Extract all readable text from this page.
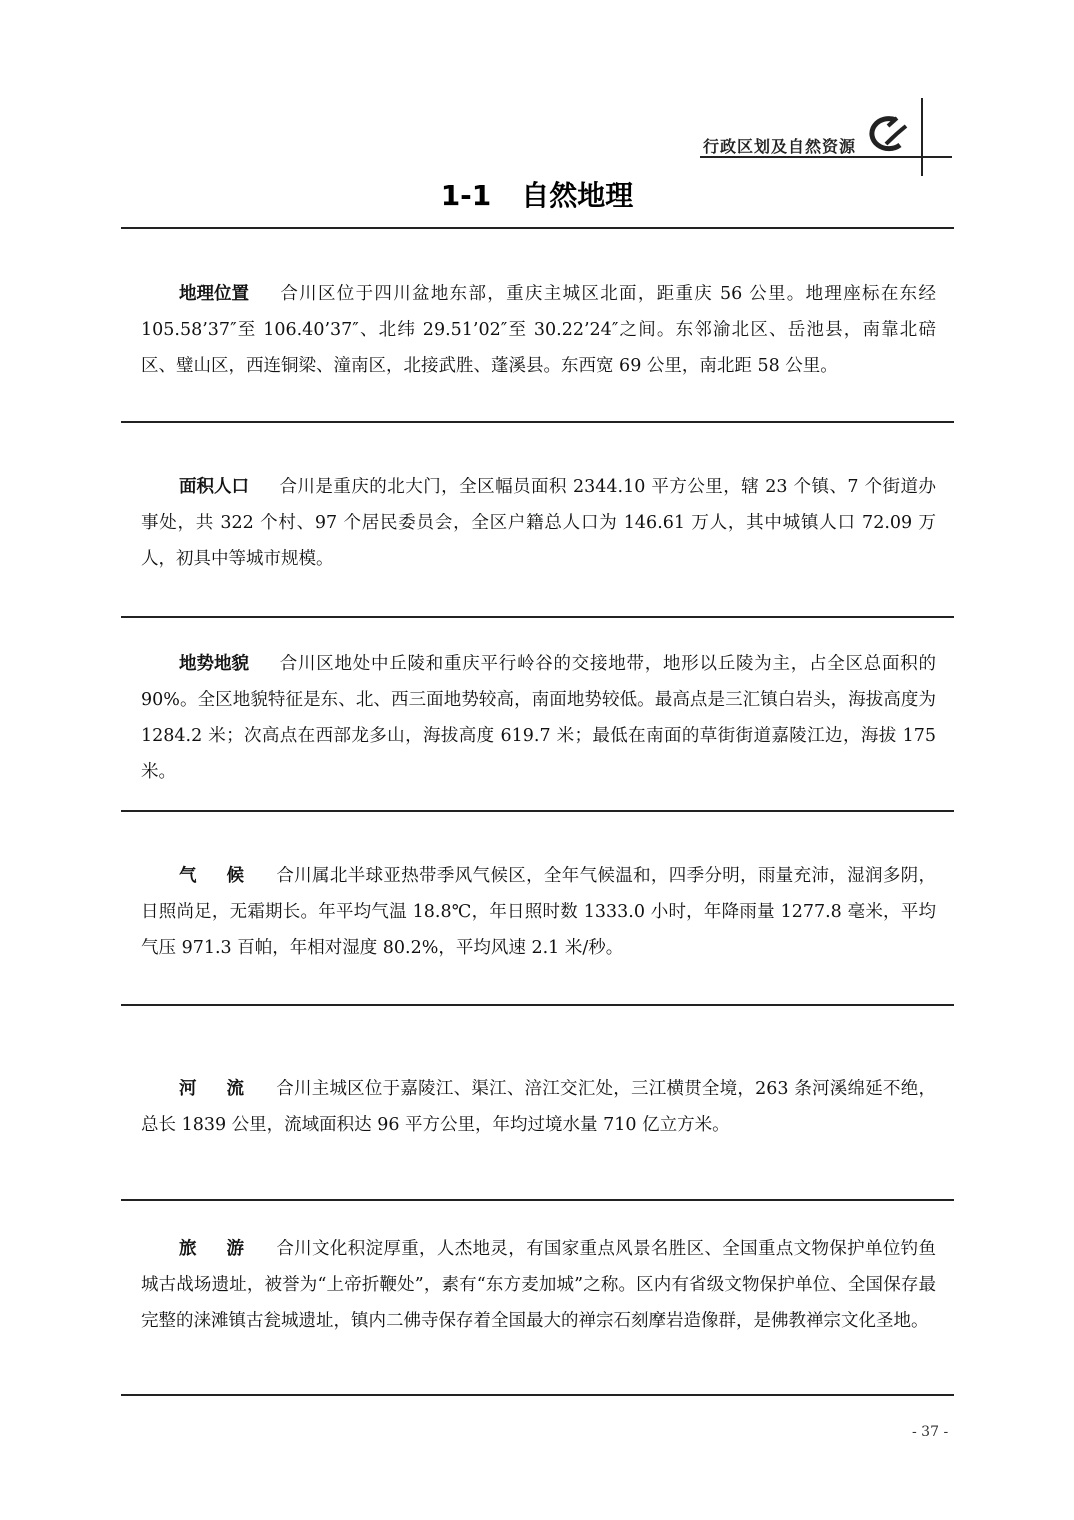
行政区划及自然资源
1-1 自然地理
地理位置 合川区位于四川盆地东部，重庆主城区北面，距重庆 56 公里。地理座标在东经 105.58’37″至 106.40’37″、北纬 29.51’02″至 30.22’24″之间。东邻渝北区、岳池县，南靠北碚区、璧山区，西连铜梁、潼南区，北接武胜、蓬溪县。东西宽 69 公里，南北距 58 公里。
面积人口 合川是重庆的北大门，全区幅员面积 2344.10 平方公里，辖 23 个镇、7 个街道办事处，共 322 个村、97 个居民委员会，全区户籍总人口为 146.61 万人，其中城镇人口 72.09 万人，初具中等城市规模。
地势地貌 合川区地处中丘陵和重庆平行岭谷的交接地带，地形以丘陵为主，占全区总面积的 90%。全区地貌特征是东、北、西三面地势较高，南面地势较低。最高点是三汇镇白岩头，海拔高度为 1284.2 米；次高点在西部龙多山，海拔高度 619.7 米；最低在南面的草街街道嘉陵江边，海拔 175 米。
气候 合川属北半球亚热带季风气候区，全年气候温和，四季分明，雨量充沛，湿润多阴，日照尚足，无霜期长。年平均气温 18.8℃，年日照时数 1333.0 小时，年降雨量 1277.8 毫米，平均气压 971.3 百帕，年相对湿度 80.2%，平均风速 2.1 米/秒。
河流 合川主城区位于嘉陵江、渠江、涪江交汇处，三江横贯全境，263 条河溪绵延不绝，总长 1839 公里，流域面积达 96 平方公里，年均过境水量 710 亿立方米。
旅游 合川文化积淀厚重，人杰地灵，有国家重点风景名胜区、全国重点文物保护单位钓鱼城古战场遗址，被誉为“上帝折鞭处”，素有“东方麦加城”之称。区内有省级文物保护单位、全国保存最完整的涞滩镇古瓮城遗址，镇内二佛寺保存着全国最大的禅宗石刻摩岩造像群，是佛教禅宗文化圣地。
- 37 -
